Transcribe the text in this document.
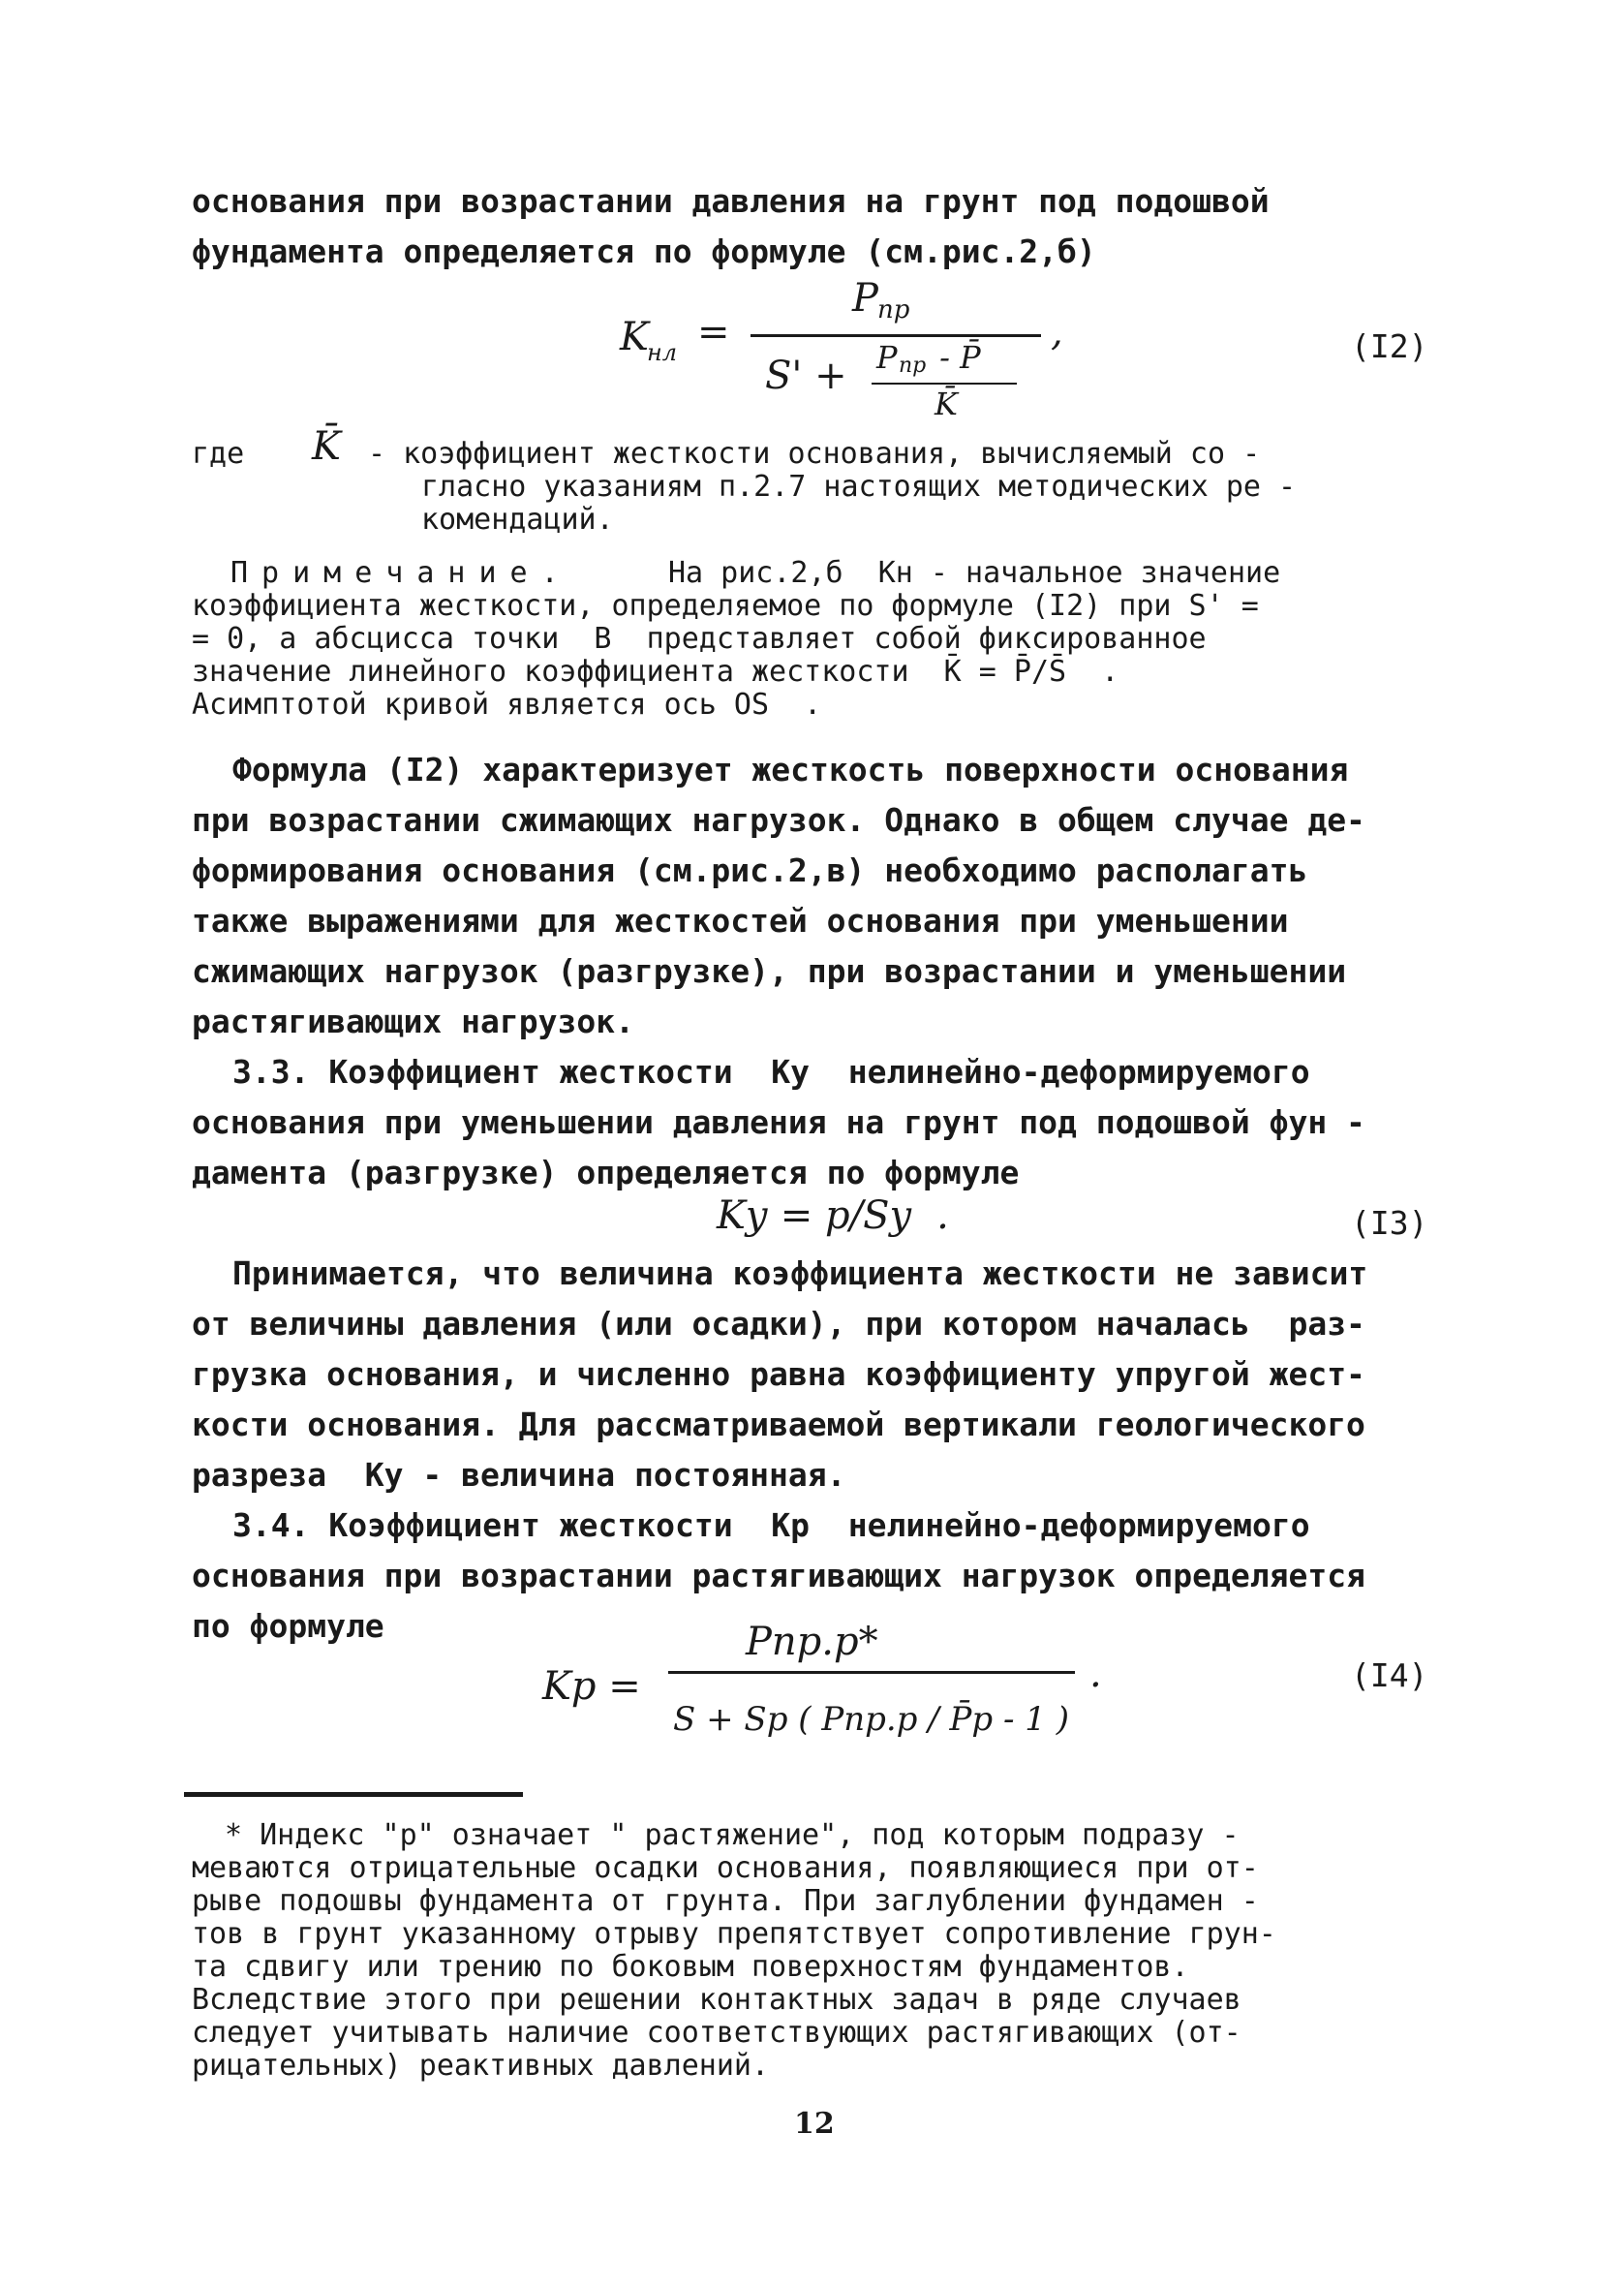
основания при возрастании давления на грунт под подошвой
фундамента определяется по формуле (см.рис.2,б)
K
нл =
P пр
S' + P пр - P̄
K̄
,	(I2)
где K̄ - коэффициент жесткости основания, вычисляемый со -
гласно указаниям п.2.7 настоящих методических ре -
комендаций.
Примечание.	На рис.2,б  Kн - начальное значение
коэффициента жесткости, определяемое по формуле (I2) при S' =
= 0, а абсцисса точки  B  представляет собой фиксированное
значение линейного коэффициента жесткости  K̄ = P̄/S̄  .
Асимптотой кривой является ось OS  .
Формула (I2) характеризует жесткость поверхности основания
при возрастании сжимающих нагрузок. Однако в общем случае де-
формирования основания (см.рис.2,в) необходимо располагать
также выражениями для жесткостей основания при уменьшении
сжимающих нагрузок (разгрузке), при возрастании и уменьшении
растягивающих нагрузок.
3.3. Коэффициент жесткости  Kу  нелинейно-деформируемого
основания при уменьшении давления на грунт под подошвой фун -
дамента (разгрузке) определяется по формуле
Kу = p/Sу  .	(I3)
Принимается, что величина коэффициента жесткости не зависит
от величины давления (или осадки), при котором началась  раз-
грузка основания, и численно равна коэффициенту упругой жест-
кости основания. Для рассматриваемой вертикали геологического
разреза  Kу - величина постоянная.
3.4. Коэффициент жесткости  Kр  нелинейно-деформируемого
основания при возрастании растягивающих нагрузок определяется
по формуле
Kр =
Pпр.р*
S + Sр ( Pпр.р / P̄р - 1 )
.	(I4)
* Индекс "р" означает " растяжение", под которым подразу -
меваются отрицательные осадки основания, появляющиеся при от-
рыве подошвы фундамента от грунта. При заглублении фундамен -
тов в грунт указанному отрыву препятствует сопротивление грун-
та сдвигу или трению по боковым поверхностям фундаментов.
Вследствие этого при решении контактных задач в ряде случаев
следует учитывать наличие соответствующих растягивающих (от-
рицательных) реактивных давлений.
12
